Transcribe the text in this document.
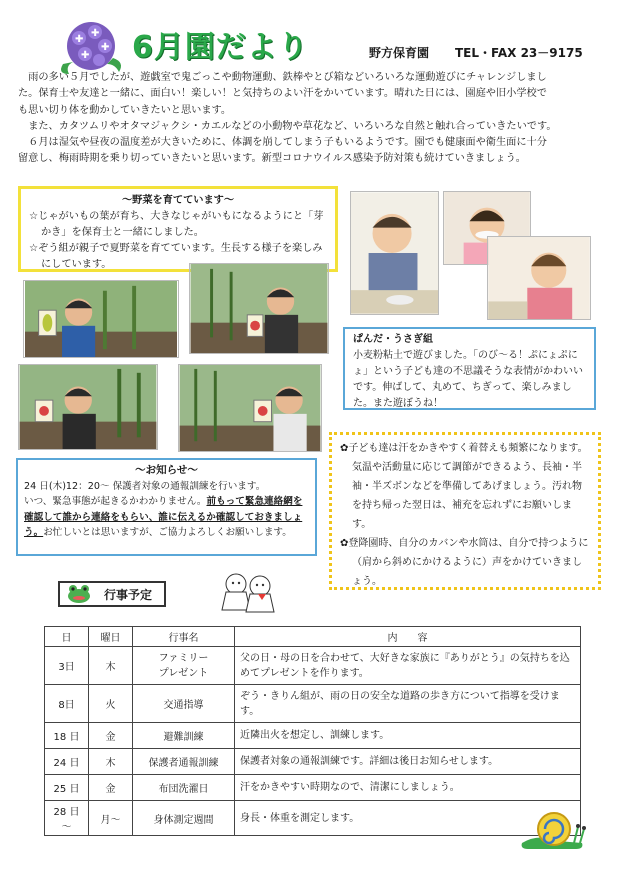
✚
✚
✚
✚ 6月園だより	野方保育園 TEL・FAX 23－9175

雨の多い５月でしたが、遊戯室で鬼ごっこや動物運動、鉄棒やとび箱などいろいろな運動遊びにチャレンジしまし

た。保育士や友達と一緒に、面白い！楽しい！と気持ちのよい汗をかいています。晴れた日には、園庭や旧小学校で

も思い切り体を動かしていきたいと思います。

また、カタツムリやオタマジャクシ・カエルなどの小動物や草花など、いろいろな自然と触れ合っていきたいです。

６月は湿気や昼夜の温度差が大きいために、体調を崩してしまう子もいるようです。園でも健康面や衛生面に十分

留意し、梅雨時期を乗り切っていきたいと思います。新型コロナウイルス感染予防対策も続けていきましょう。

～野菜を育てています～
☆じゃがいもの葉が育ち、大きなじゃがいもになるようにと「芽かき」を保育士と一緒にしました。
☆ぞう組が親子で夏野菜を育てています。生長する様子を楽しみにしています。
ぱんだ・うさぎ組
小麦粉粘土で遊びました。「のび～る！ぷにょぷにょ」という子ども達の不思議そうな表情がかわいいです。伸ばして、丸めて、ちぎって、楽しみました。また遊ぼうね！
～お知らせ～
24 日(木)12：20～ 保護者対象の通報訓練を行います。
いつ、緊急事態が起きるかわかりません。前もって緊急連絡網を確認して誰から連絡をもらい、誰に伝えるか確認しておきましょう。お忙しいとは思いますが、ご協力よろしくお願いします。
✿子ども達は汗をかきやすく着替えも頻繁になります。気温や活動量に応じて調節ができるよう、長袖・半袖・半ズボンなどを準備してあげましょう。汚れ物を持ち帰った翌日は、補充を忘れずにお願いします。
✿登降園時、自分のカバンや水筒は、自分で持つように（肩から斜めにかけるように）声をかけていきましょう。
行事予定
日	曜日	行事名	内　　容
3日	木	ファミリー
プレゼント	父の日・母の日を合わせて、大好きな家族に『ありがとう』の気持ちを込めてプレゼントを作ります。
8日	火	交通指導	ぞう・きりん組が、雨の日の安全な道路の歩き方について指導を受けます。
18 日	金	避難訓練	近隣出火を想定し、訓練します。
24 日	木	保護者通報訓練	保護者対象の通報訓練です。詳細は後日お知らせします。
25 日	金	布団洗濯日	汗をかきやすい時期なので、清潔にしましょう。
28 日～	月～	身体測定週間	身長・体重を測定します。
